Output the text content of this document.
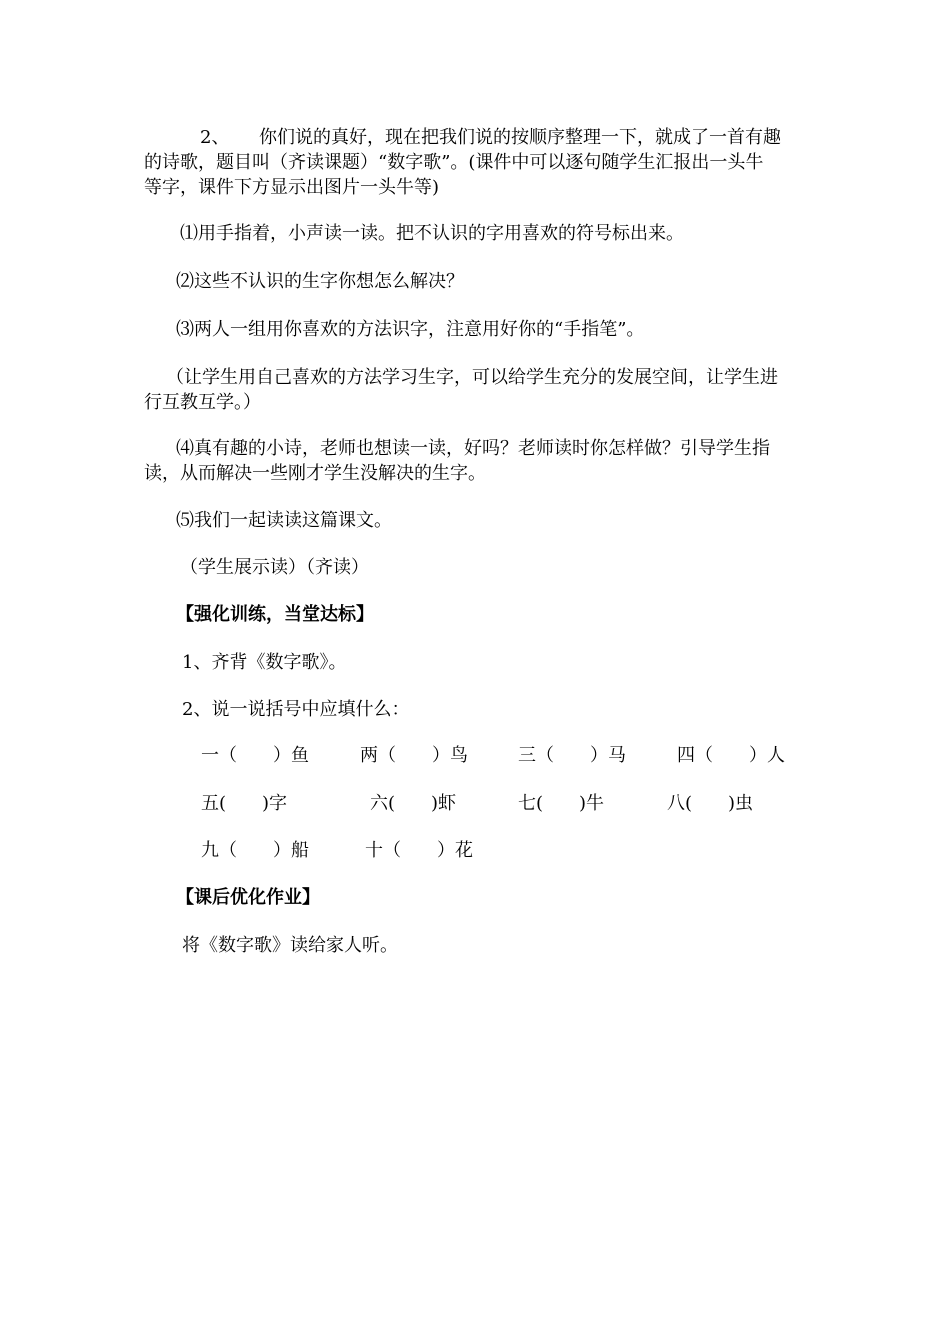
2、 你们说的真好，现在把我们说的按顺序整理一下，就成了一首有趣
的诗歌，题目叫（齐读课题）“数字歌”。(课件中可以逐句随学生汇报出一头牛
等字，课件下方显示出图片一头牛等)
⑴用手指着，小声读一读。把不认识的字用喜欢的符号标出来。
⑵这些不认识的生字你想怎么解决？
⑶两人一组用你喜欢的方法识字，注意用好你的“手指笔”。
（让学生用自己喜欢的方法学习生字，可以给学生充分的发展空间，让学生进
行互教互学。）
⑷真有趣的小诗，老师也想读一读，好吗？老师读时你怎样做？引导学生指
读，从而解决一些刚才学生没解决的生字。
⑸我们一起读读这篇课文。
（学生展示读）（齐读）
【强化训练，当堂达标】
1、齐背《数字歌》。
2、说一说括号中应填什么：
一（　　）鱼	两（　　）鸟	三（　　）马	四（　　）人
五(　　)字	六(　　)虾	七(　　)牛	八(　　)虫
九（　　）船	十（　　）花
【课后优化作业】
将《数字歌》读给家人听。
